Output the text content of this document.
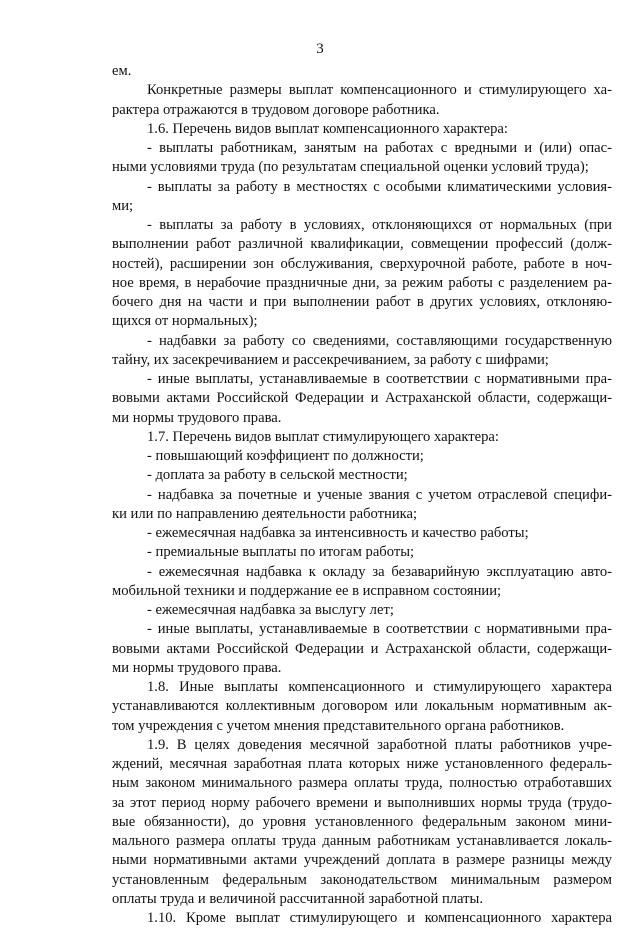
3
ем.
Конкретные размеры выплат компенсационного и стимулирующего ха-
рактера отражаются в трудовом договоре работника.
1.6. Перечень видов выплат компенсационного характера:
- выплаты работникам, занятым на работах с вредными и (или) опас-
ными условиями труда (по результатам специальной оценки условий труда);
- выплаты за работу в местностях с особыми климатическими условия-
ми;
- выплаты за работу в условиях, отклоняющихся от нормальных (при
выполнении работ различной квалификации, совмещении профессий (долж-
ностей), расширении зон обслуживания, сверхурочной работе, работе в ноч-
ное время, в нерабочие праздничные дни, за режим работы с разделением ра-
бочего дня на части и при выполнении работ в других условиях, отклоняю-
щихся от нормальных);
- надбавки за работу со сведениями, составляющими государственную
тайну, их засекречиванием и рассекречиванием, за работу с шифрами;
- иные выплаты, устанавливаемые в соответствии с нормативными пра-
вовыми актами Российской Федерации и Астраханской области, содержащи-
ми нормы трудового права.
1.7. Перечень видов выплат стимулирующего характера:
- повышающий коэффициент по должности;
- доплата за работу в сельской местности;
- надбавка за почетные и ученые звания с учетом отраслевой специфи-
ки или по направлению деятельности работника;
- ежемесячная надбавка за интенсивность и качество работы;
- премиальные выплаты по итогам работы;
- ежемесячная надбавка к окладу за безаварийную эксплуатацию авто-
мобильной техники и поддержание ее в исправном состоянии;
- ежемесячная надбавка за выслугу лет;
- иные выплаты, устанавливаемые в соответствии с нормативными пра-
вовыми актами Российской Федерации и Астраханской области, содержащи-
ми нормы трудового права.
1.8. Иные выплаты компенсационного и стимулирующего характера
устанавливаются коллективным договором или локальным нормативным ак-
том учреждения с учетом мнения представительного органа работников.
1.9. В целях доведения месячной заработной платы работников учре-
ждений, месячная заработная плата которых ниже установленного федераль-
ным законом минимального размера оплаты труда, полностью отработавших
за этот период норму рабочего времени и выполнивших нормы труда (трудо-
вые обязанности), до уровня установленного федеральным законом мини-
мального размера оплаты труда данным работникам устанавливается локаль-
ными нормативными актами учреждений доплата в размере разницы между
установленным федеральным законодательством минимальным размером
оплаты труда и величиной рассчитанной заработной платы.
1.10. Кроме выплат стимулирующего и компенсационного характера
